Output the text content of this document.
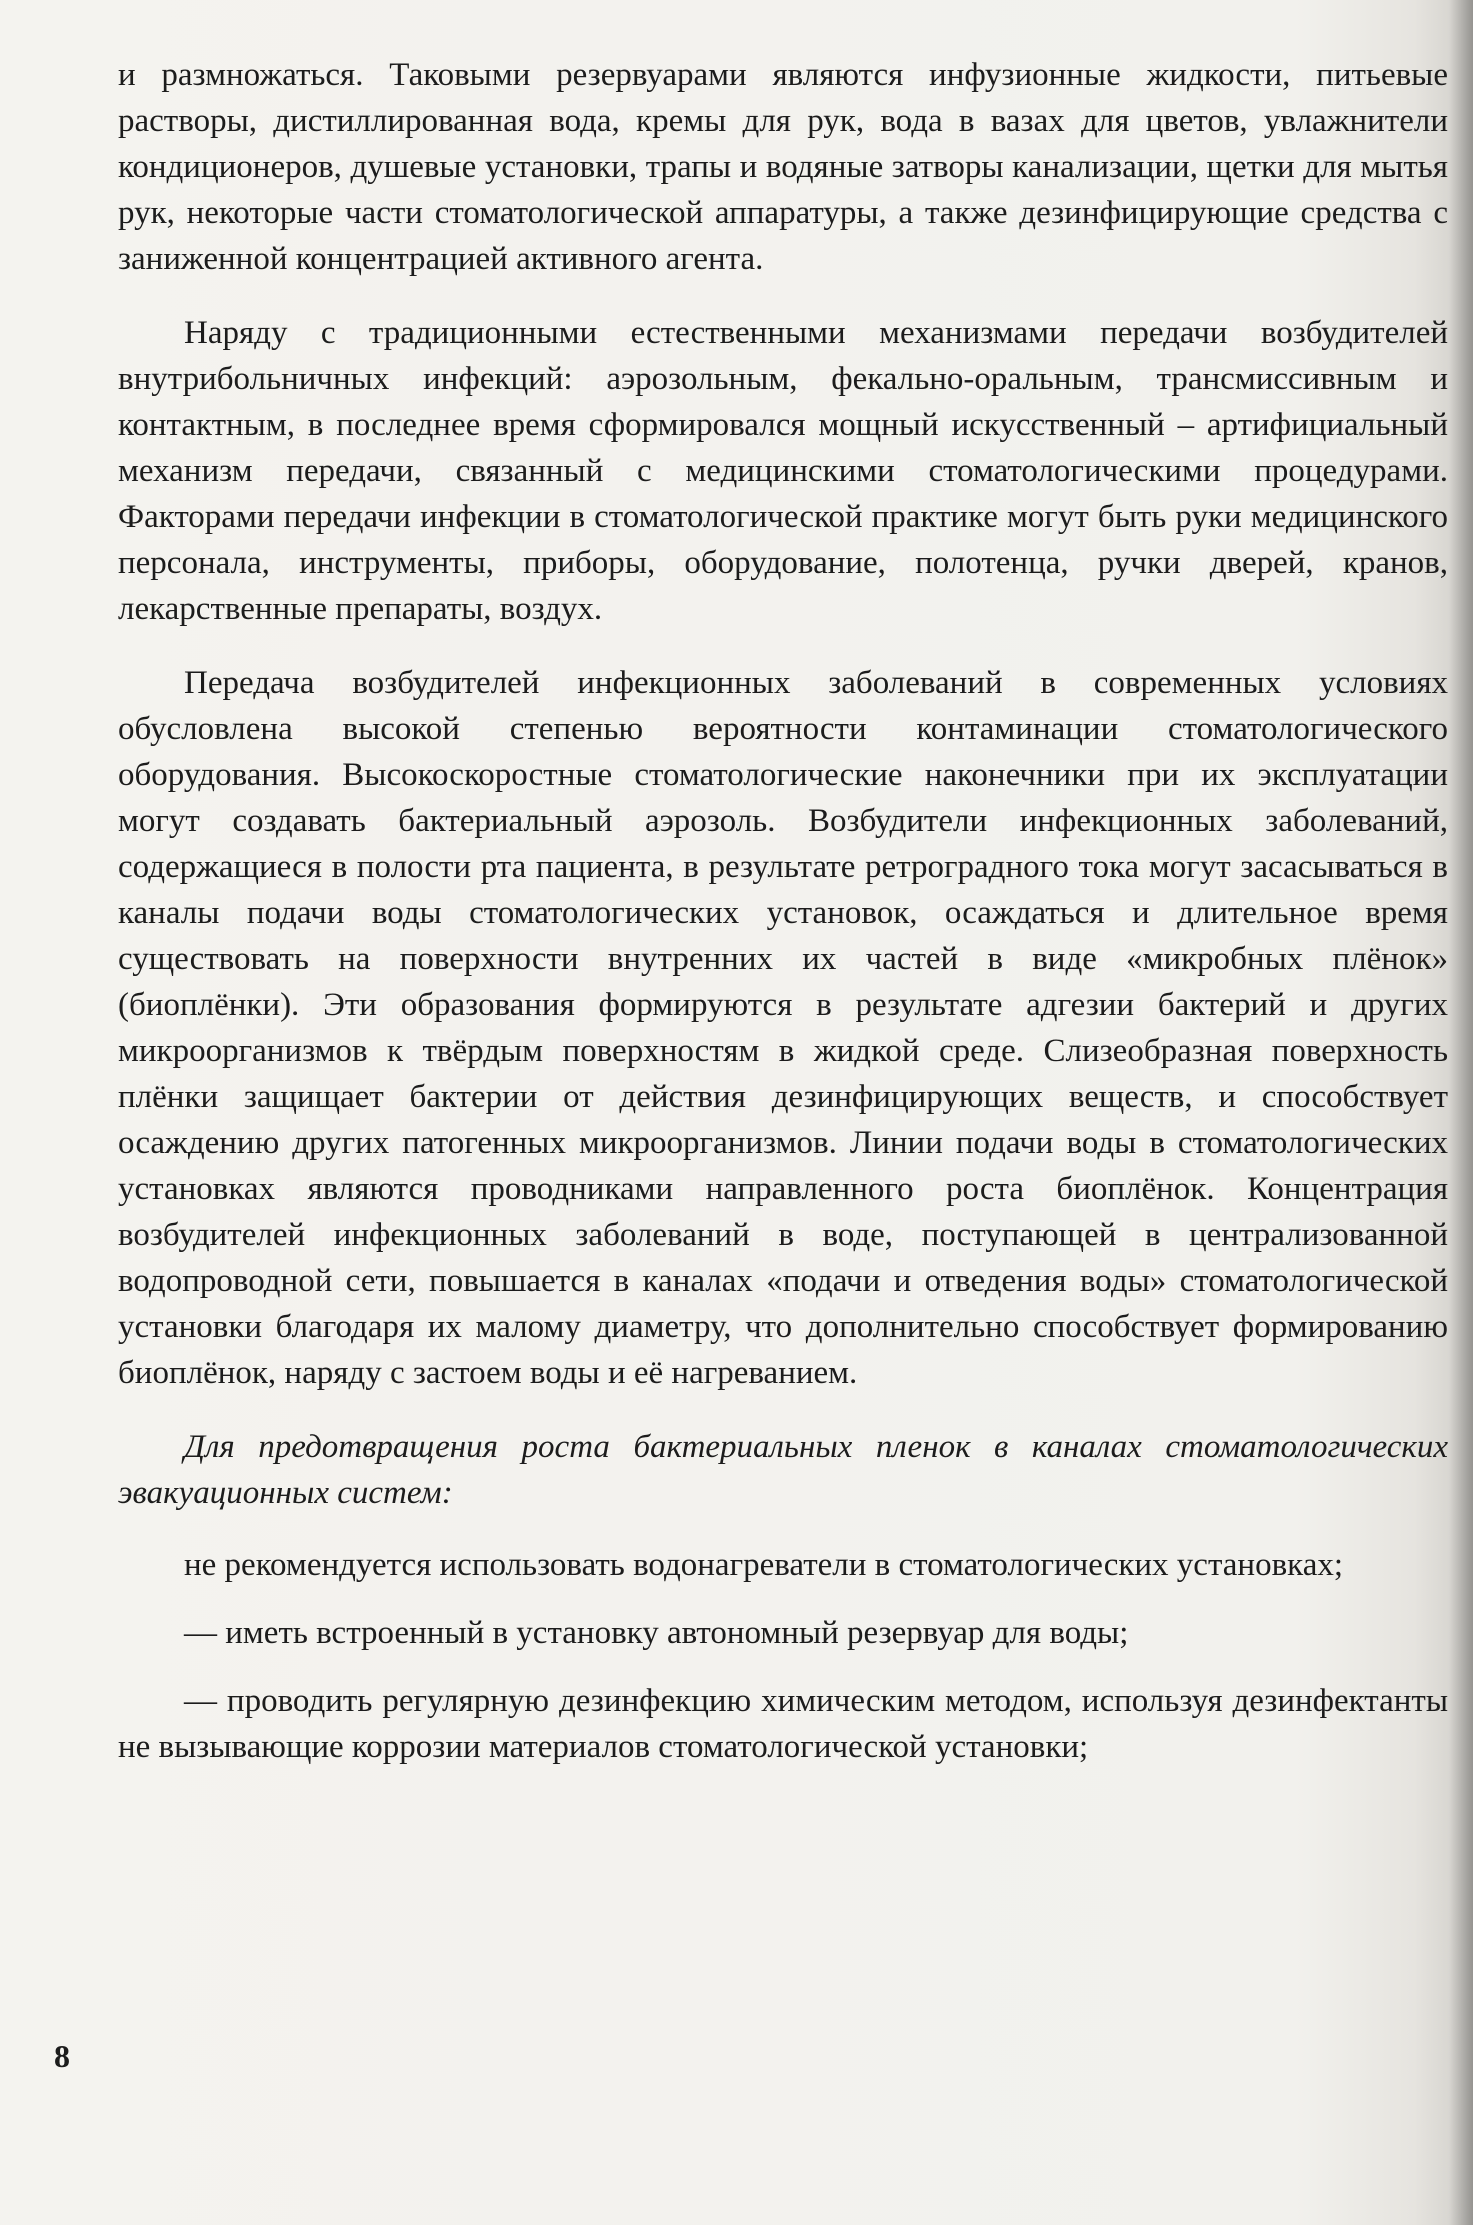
и размножаться. Таковыми резервуарами являются инфузионные жидкости, питьевые растворы, дистиллированная вода, кремы для рук, вода в вазах для цветов, увлажнители кондиционеров, душевые установки, трапы и водяные затворы канализации, щетки для мытья рук, некоторые части стоматологической аппаратуры, а также дезинфицирующие средства с заниженной концентрацией активного агента.

Наряду с традиционными естественными механизмами передачи возбудителей внутрибольничных инфекций: аэрозольным, фекально-оральным, трансмиссивным и контактным, в последнее время сформировался мощный искусственный – артифициальный механизм передачи, связанный с медицинскими стоматологическими процедурами. Факторами передачи инфекции в стоматологической практике могут быть руки медицинского персонала, инструменты, приборы, оборудование, полотенца, ручки дверей, кранов, лекарственные препараты, воздух.

Передача возбудителей инфекционных заболеваний в современных условиях обусловлена высокой степенью вероятности контаминации стоматологического оборудования. Высокоскоростные стоматологические наконечники при их эксплуатации могут создавать бактериальный аэрозоль. Возбудители инфекционных заболеваний, содержащиеся в полости рта пациента, в результате ретроградного тока могут засасываться в каналы подачи воды стоматологических установок, осаждаться и длительное время существовать на поверхности внутренних их частей в виде «микробных плёнок» (биоплёнки). Эти образования формируются в результате адгезии бактерий и других микроорганизмов к твёрдым поверхностям в жидкой среде. Слизеобразная поверхность плёнки защищает бактерии от действия дезинфицирующих веществ, и способствует осаждению других патогенных микроорганизмов. Линии подачи воды в стоматологических установках являются проводниками направленного роста биоплёнок. Концентрация возбудителей инфекционных заболеваний в воде, поступающей в централизованной водопроводной сети, повышается в каналах «подачи и отведения воды» стоматологической установки благодаря их малому диаметру, что дополнительно способствует формированию биоплёнок, наряду с застоем воды и её нагреванием.

Для предотвращения роста бактериальных пленок в каналах стоматологических эвакуационных систем:

не рекомендуется использовать водонагреватели в стоматологических установках;

— иметь встроенный в установку автономный резервуар для воды;

— проводить регулярную дезинфекцию химическим методом, используя дезинфектанты не вызывающие коррозии материалов стоматологической установки;

8
